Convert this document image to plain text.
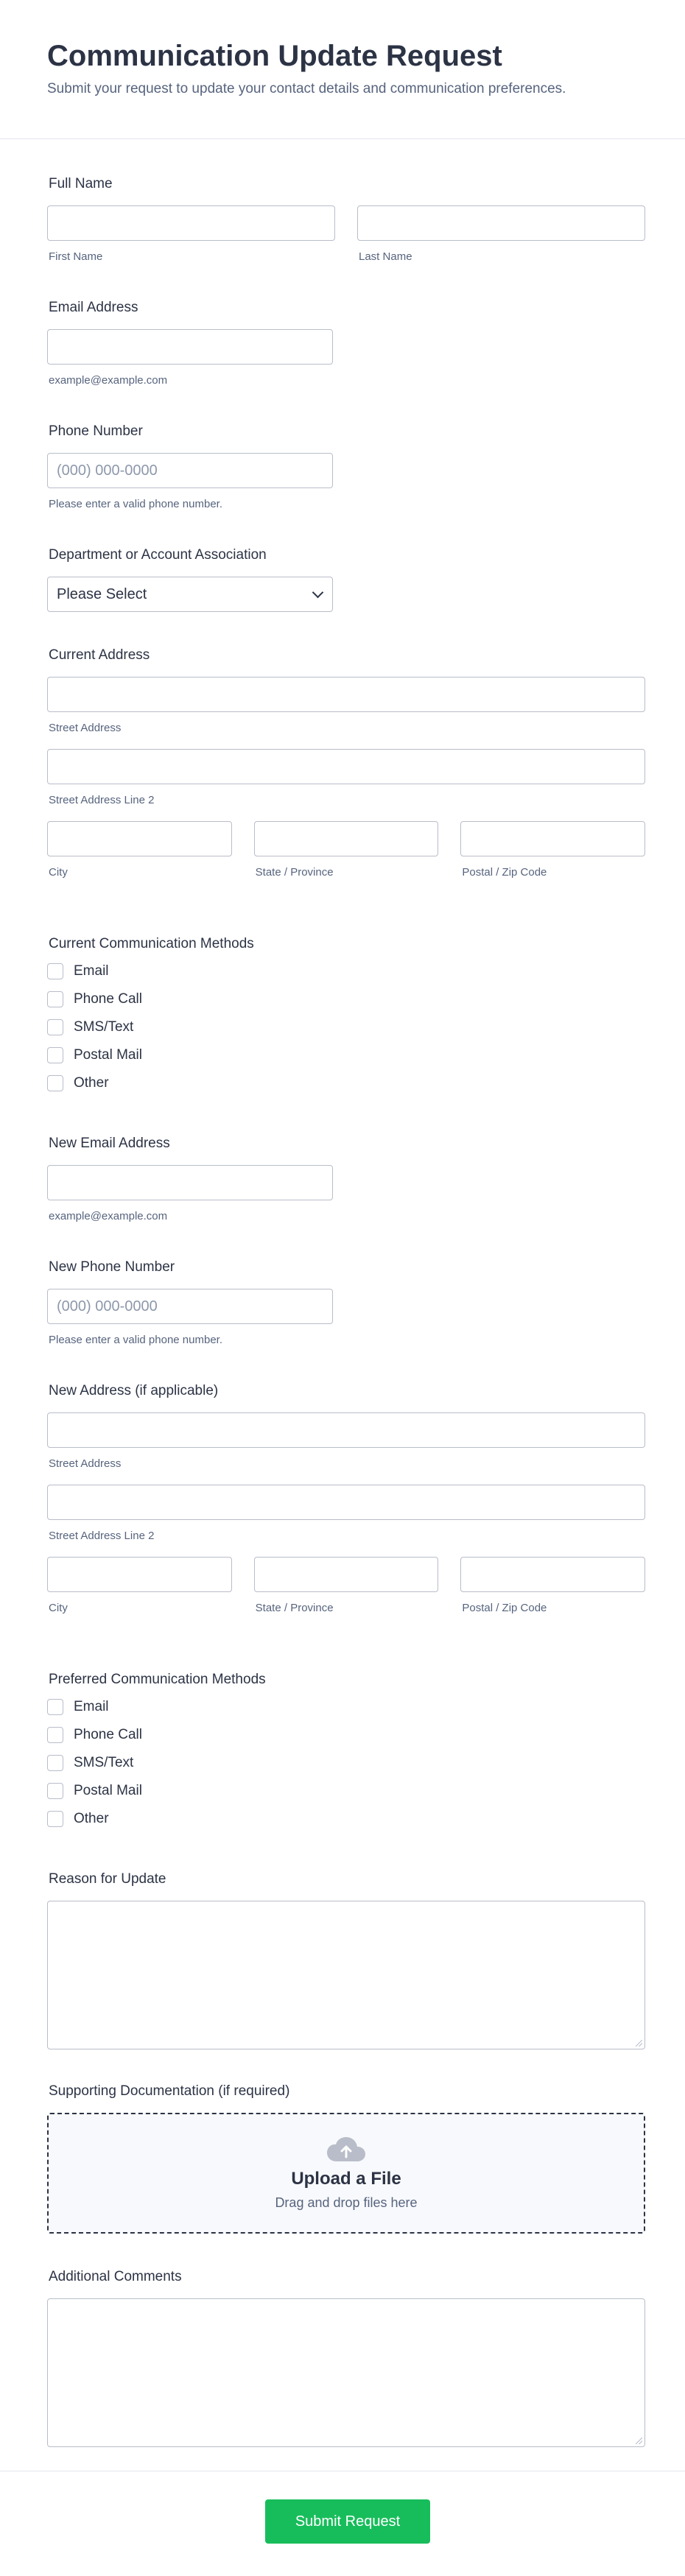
Communication Update Request
Submit your request to update your contact details and communication preferences.
Full Name
First Name	Last Name
Email Address
example@example.com
Phone Number
(000) 000-0000
Please enter a valid phone number.
Department or Account Association
Please Select
Current Address
Street Address
Street Address Line 2
City	State / Province	Postal / Zip Code
Current Communication Methods
Email
Phone Call
SMS/Text
Postal Mail
Other
New Email Address
example@example.com
New Phone Number
(000) 000-0000
Please enter a valid phone number.
New Address (if applicable)
Street Address
Street Address Line 2
City	State / Province	Postal / Zip Code
Preferred Communication Methods
Email
Phone Call
SMS/Text
Postal Mail
Other
Reason for Update
Supporting Documentation (if required)
Upload a File
Drag and drop files here
Additional Comments
Submit Request
